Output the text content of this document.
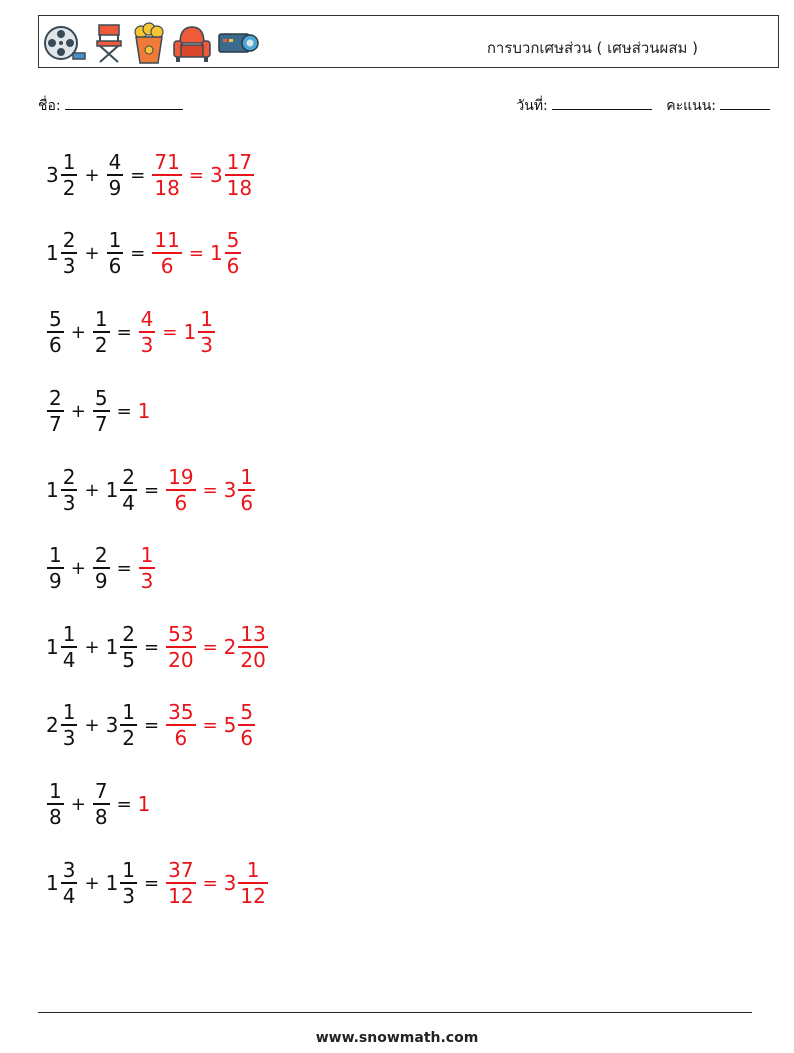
การบวกเศษส่วน ( เศษส่วนผสม )
ชื่อ:	วันที่:	คะแนน:
$3 \frac{1}{2} + \frac{4}{9} = \frac{71}{18} = 3 \frac{17}{18}$
$1 \frac{2}{3} + \frac{1}{6} = \frac{11}{6} = 1 \frac{5}{6}$
$\frac{5}{6} + \frac{1}{2} = \frac{4}{3} = 1 \frac{1}{3}$
$\frac{2}{7} + \frac{5}{7} = 1$
$1 \frac{2}{3} + 1 \frac{2}{4} = \frac{19}{6} = 3 \frac{1}{6}$
$\frac{1}{9} + \frac{2}{9} = \frac{1}{3}$
$1 \frac{1}{4} + 1 \frac{2}{5} = \frac{53}{20} = 2 \frac{13}{20}$
$2 \frac{1}{3} + 3 \frac{1}{2} = \frac{35}{6} = 5 \frac{5}{6}$
$\frac{1}{8} + \frac{7}{8} = 1$
$1 \frac{3}{4} + 1 \frac{1}{3} = \frac{37}{12} = 3 \frac{1}{12}$
www.snowmath.com
